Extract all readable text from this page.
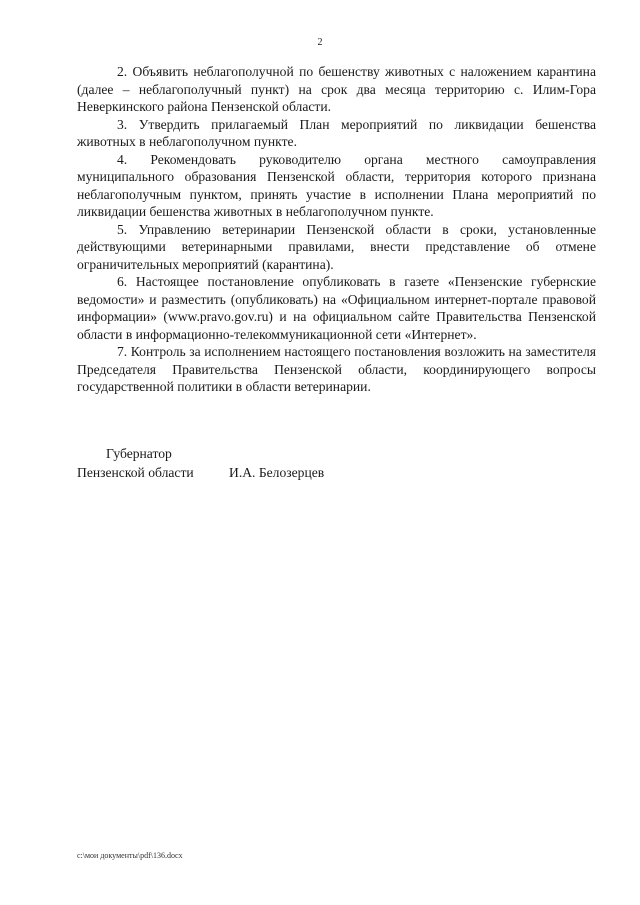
2

2. Объявить неблагополучной по бешенству животных с наложением карантина (далее – неблагополучный пункт) на срок два месяца территорию с. Илим-Гора Неверкинского района Пензенской области.

3. Утвердить прилагаемый План мероприятий по ликвидации бешенства животных в неблагополучном пункте.

4. Рекомендовать руководителю органа местного самоуправления муниципального образования Пензенской области, территория которого признана неблагополучным пунктом, принять участие в исполнении Плана мероприятий по ликвидации бешенства животных в неблагополучном пункте.

5. Управлению ветеринарии Пензенской области в сроки, установленные действующими ветеринарными правилами, внести представление об отмене ограничительных мероприятий (карантина).

6. Настоящее постановление опубликовать в газете «Пензенские губернские ведомости» и разместить (опубликовать) на «Официальном интернет-портале правовой информации» (www.pravo.gov.ru) и на официальном сайте Правительства Пензенской области в информационно-телекоммуникационной сети «Интернет».

7. Контроль за исполнением настоящего постановления возложить на заместителя Председателя Правительства Пензенской области, координирующего вопросы государственной политики в области ветеринарии.

Губернатор
Пензенской области	И.А. Белозерцев
c:\мои документы\pdf\136.docx
